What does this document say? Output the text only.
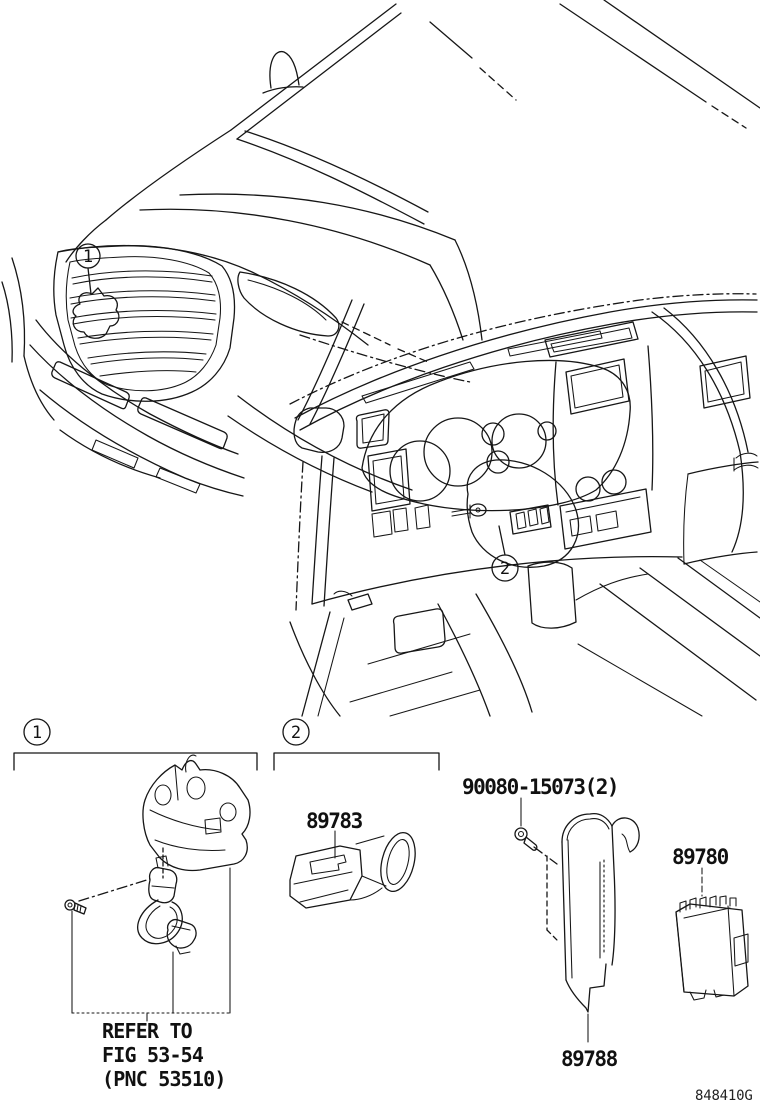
1
2
1
REFER TO
FIG 53-54
(PNC 53510)
2
89783
90080-15073(2)
89788
89780
848410G
